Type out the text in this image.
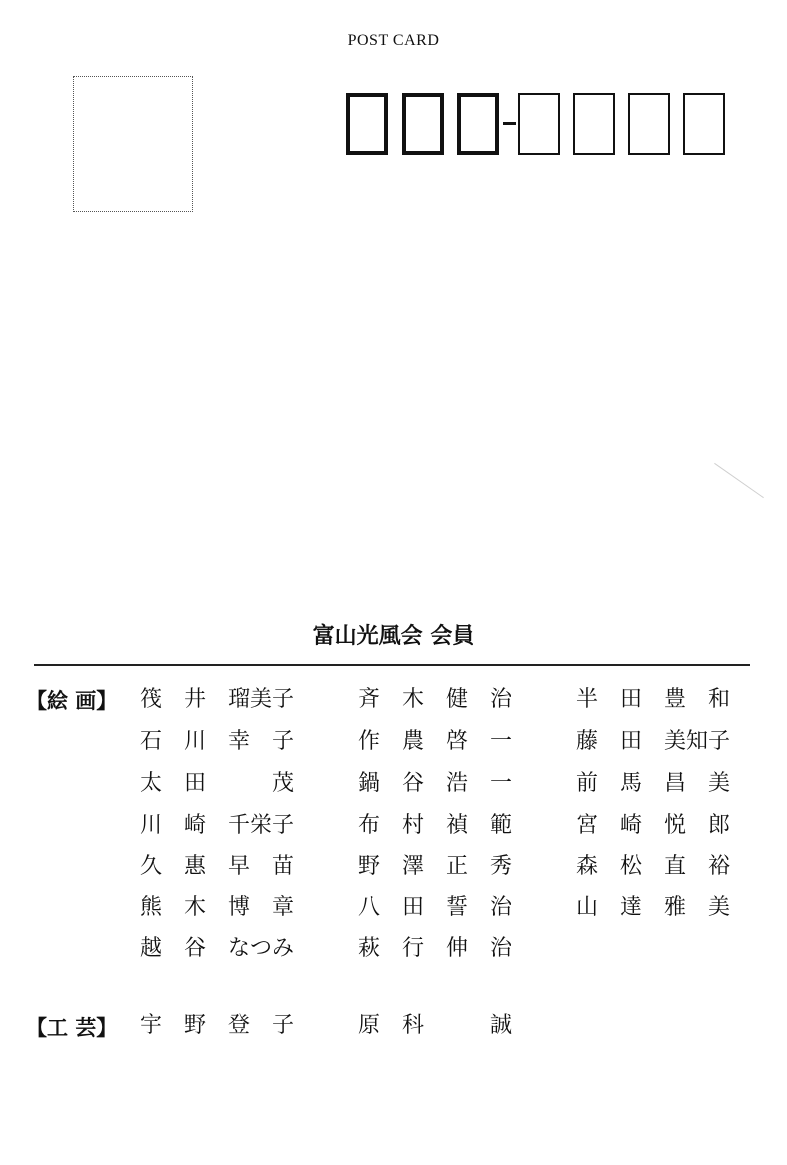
POST CARD
富山光風会 会員
【絵 画】 筏　井　瑠美子	斉　木　健　治	半　田　豊　和
石　川　幸　子	作　農　啓　一	藤　田　美知子
太　田　　　茂	鍋　谷　浩　一	前　馬　昌　美
川　崎　千栄子	布　村　禎　範	宮　崎　悦　郎
久　惠　早　苗	野　澤　正　秀	森　松　直　裕
熊　木　博　章	八　田　誓　治	山　達　雅　美
越　谷　なつみ	萩　行　伸　治
【工 芸】 宇　野　登　子	原　科　　　誠
